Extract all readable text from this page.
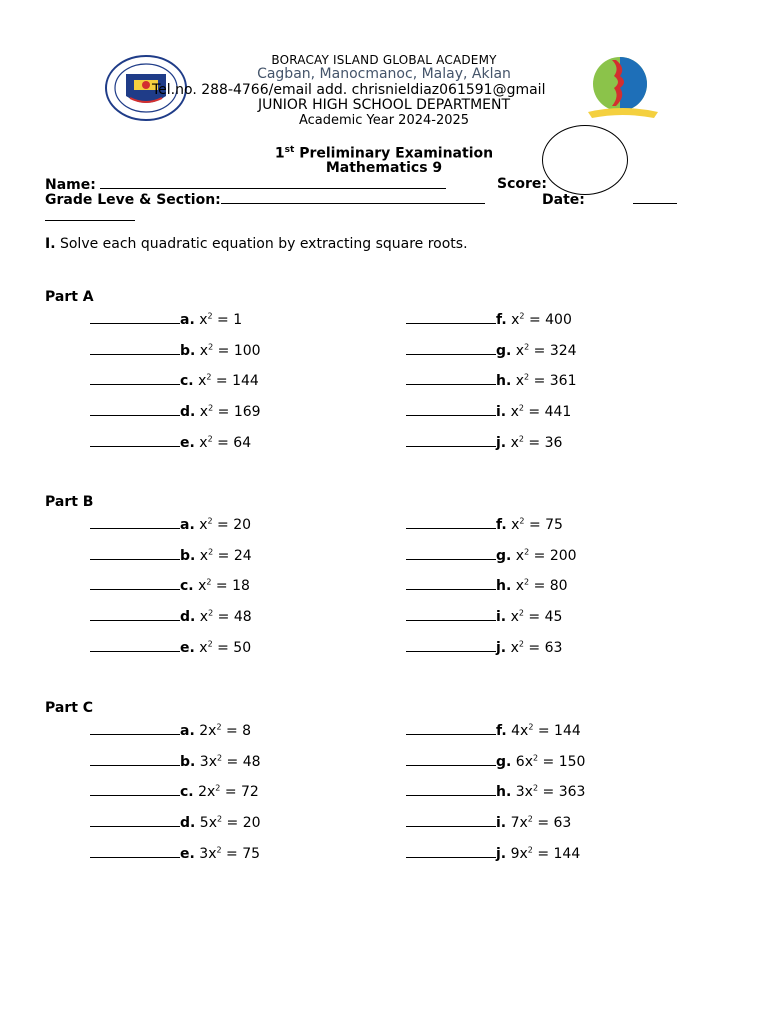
BORACAY ISLAND GLOBAL ACADEMY
Cagban, Manocmanoc, Malay, Aklan
Tel.no. 288-4766/email add. chrisnieldiaz061591@gmail
JUNIOR HIGH SCHOOL DEPARTMENT
Academic Year 2024-2025
1st Preliminary Examination
Mathematics 9
Name:	Score:
Grade Leve & Section:	Date:
I. Solve each quadratic equation by extracting square roots.
Part A
a. $x^2 = 1$
b. $x^2 = 100$
c. $x^2 = 144$
d. $x^2 = 169$
e. $x^2 = 64$
f. $x^2 = 400$
g. $x^2 = 324$
h. $x^2 = 361$
i. $x^2 = 441$
j. $x^2 = 36$
Part B
a. $x^2 = 20$
b. $x^2 = 24$
c. $x^2 = 18$
d. $x^2 = 48$
e. $x^2 = 50$
f. $x^2 = 75$
g. $x^2 = 200$
h. $x^2 = 80$
i. $x^2 = 45$
j. $x^2 = 63$
Part C
a. $2x^2 = 8$
b. $3x^2 = 48$
c. $2x^2 = 72$
d. $5x^2 = 20$
e. $3x^2 = 75$
f. $4x^2 = 144$
g. $6x^2 = 150$
h. $3x^2 = 363$
i. $7x^2 = 63$
j. $9x^2 = 144$
